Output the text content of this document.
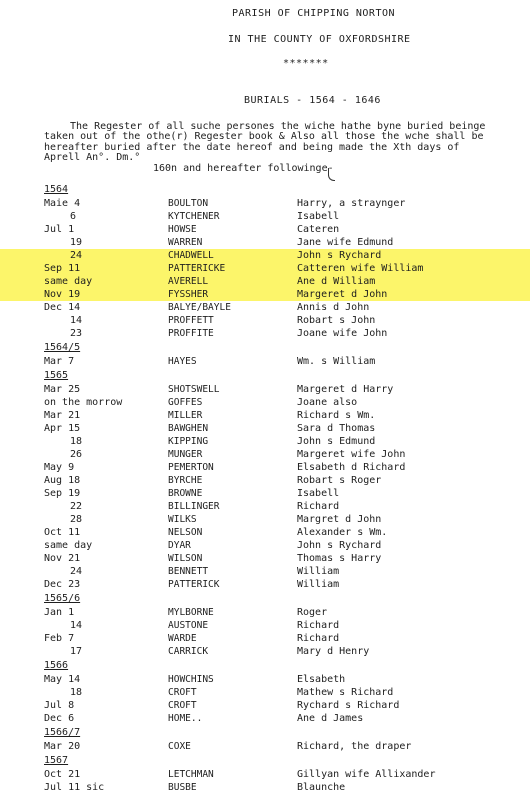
PARISH OF CHIPPING NORTON
IN THE COUNTY OF OXFORDSHIRE
*******
BURIALS - 1564 - 1646
The Regester of all suche persones the wiche hathe byne buried beinge
taken out of the othe(r) Regester book & Also all those the wche shall be
hereafter buried after the date hereof and being made the Xth days of
Aprell An°. Dm.°
160n and hereafter followinge-
1564
Maie 4	BOULTON	Harry, a straynger
6	KYTCHENER	Isabell
Jul 1	HOWSE	Cateren
19	WARREN	Jane wife Edmund
24	CHADWELL	John s Rychard
Sep 11	PATTERICKE	Catteren wife William
same day	AVERELL	Ane d William
Nov 19	FYSSHER	Margeret d John
Dec 14	BALYE/BAYLE	Annis d John
14	PROFFETT	Robart s John
23	PROFFITE	Joane wife John
1564/5
Mar 7	HAYES	Wm. s William
1565
Mar 25	SHOTSWELL	Margeret d Harry
on the morrow	GOFFES	Joane also
Mar 21	MILLER	Richard s Wm.
Apr 15	BAWGHEN	Sara d Thomas
18	KIPPING	John s Edmund
26	MUNGER	Margeret wife John
May 9	PEMERTON	Elsabeth d Richard
Aug 18	BYRCHE	Robart s Roger
Sep 19	BROWNE	Isabell
22	BILLINGER	Richard
28	WILKS	Margret d John
Oct 11	NELSON	Alexander s Wm.
same day	DYAR	John s Rychard
Nov 21	WILSON	Thomas s Harry
24	BENNETT	William
Dec 23	PATTERICK	William
1565/6
Jan 1	MYLBORNE	Roger
14	AUSTONE	Richard
Feb 7	WARDE	Richard
17	CARRICK	Mary d Henry
1566
May 14	HOWCHINS	Elsabeth
18	CROFT	Mathew s Richard
Jul 8	CROFT	Rychard s Richard
Dec 6	HOME..	Ane d James
1566/7
Mar 20	COXE	Richard, the draper
1567
Oct 21	LETCHMAN	Gillyan wife Allixander
Jul 11 sic	BUSBE	Blaunche
